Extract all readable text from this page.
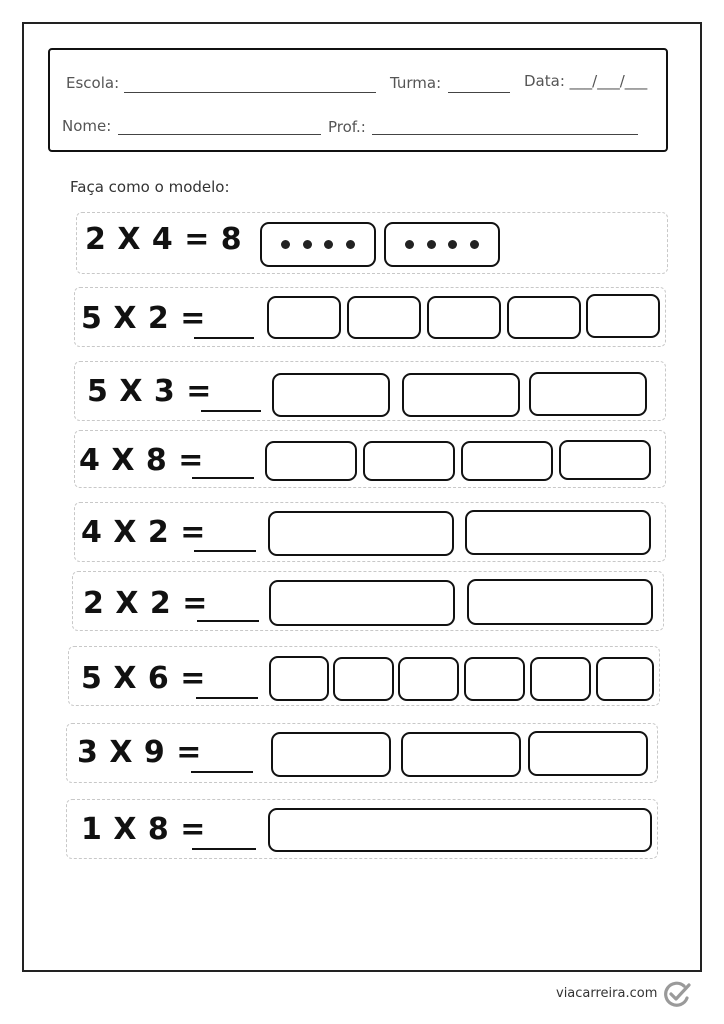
Escola:	Turma:	Data: ___/___/___
Nome:	Prof.:
Faça como o modelo:
2 X 4 = 8
5 X 2 =
5 X 3 =
4 X 8 =
4 X 2 =
2 X 2 =
5 X 6 =
3 X 9 =
1 X 8 =
viacarreira.com
